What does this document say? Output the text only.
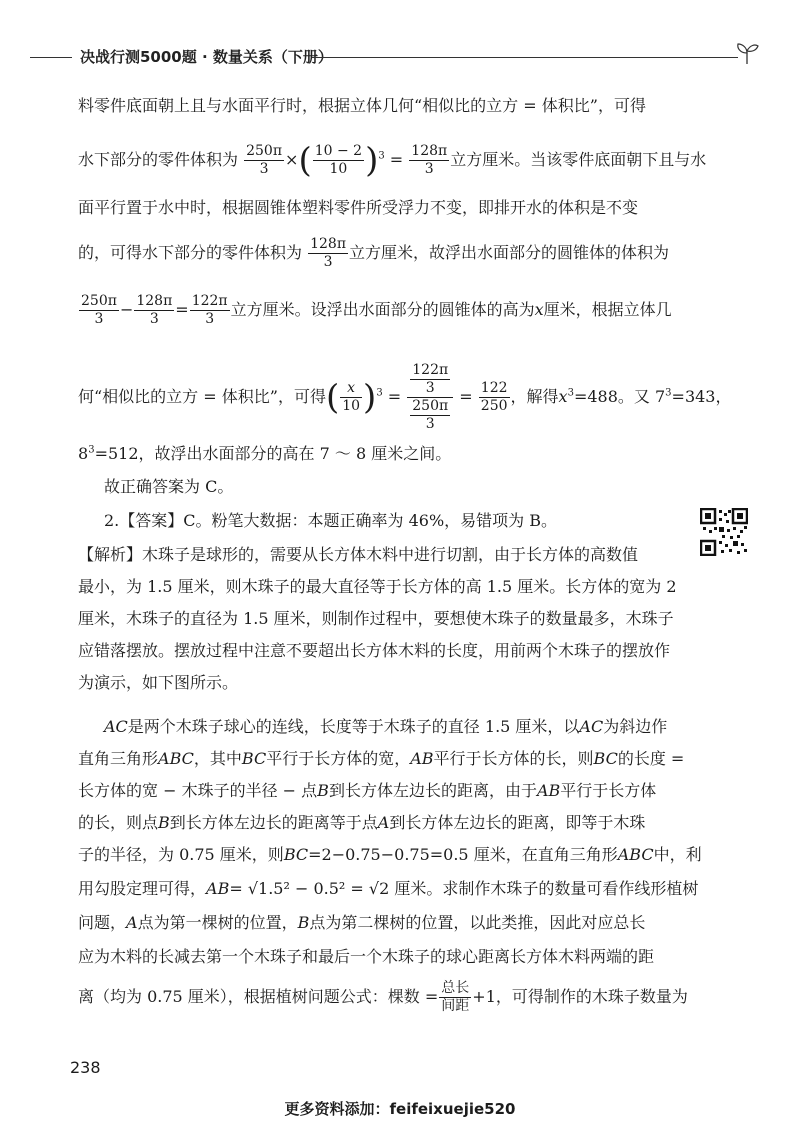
决战行测5000题 · 数量关系（下册）
料零件底面朝上且与水面平行时，根据立体几何“相似比的立方 = 体积比”，可得
水下部分的零件体积为 $\frac{250\pi}{3}$ ×( $\frac{10 - 2}{10} )^3 = \frac{128\pi}{3}$ 立方厘米。当该零件底面朝下且与水
面平行置于水中时，根据圆锥体塑料零件所受浮力不变，即排开水的体积是不变
的，可得水下部分的零件体积为 $\frac{128\pi}{3}$ 立方厘米，故浮出水面部分的圆锥体的体积为
$\frac{250\pi}{3} - \frac{128\pi}{3} = \frac{122\pi}{3}$ 立方厘米。设浮出水面部分的圆锥体的高为x厘米，根据立体几
何“相似比的立方 = 体积比”，可得( $\frac{x}{10} )^3 = \frac{\frac{122\pi}{3}}{\frac{250\pi}{3}} = \frac{122}{250}$ ，解得$x^3=488$。又 $7^3=343$，
$8^3=512$，故浮出水面部分的高在 7 ～ 8 厘米之间。
故正确答案为 C。
2.【答案】C。粉笔大数据：本题正确率为 46%，易错项为 B。
【解析】木珠子是球形的，需要从长方体木料中进行切割，由于长方体的高数值
最小，为 1.5 厘米，则木珠子的最大直径等于长方体的高 1.5 厘米。长方体的宽为 2
厘米，木珠子的直径为 1.5 厘米，则制作过程中，要想使木珠子的数量最多，木珠子
应错落摆放。摆放过程中注意不要超出长方体木料的长度，用前两个木珠子的摆放作
为演示，如下图所示。
AC是两个木珠子球心的连线，长度等于木珠子的直径 1.5 厘米，以AC为斜边作
直角三角形ABC，其中BC平行于长方体的宽，AB平行于长方体的长，则BC的长度 =
长方体的宽 − 木珠子的半径 − 点B到长方体左边长的距离，由于AB平行于长方体
的长，则点B到长方体左边长的距离等于点A到长方体左边长的距离，即等于木珠
子的半径，为 0.75 厘米，则BC=2−0.75−0.75=0.5 厘米，在直角三角形ABC中，利
用勾股定理可得，AB= √1.5² − 0.5² = √2 厘米。求制作木珠子的数量可看作线形植树
问题，A点为第一棵树的位置，B点为第二棵树的位置，以此类推，因此对应总长
应为木料的长减去第一个木珠子和最后一个木珠子的球心距离长方体木料两端的距
离（均为 0.75 厘米），根据植树问题公式：棵数 = $\frac{\text{总长}}{\text{间距}} +1$，可得制作的木珠子数量为
238
更多资料添加：feifeixuejie520
